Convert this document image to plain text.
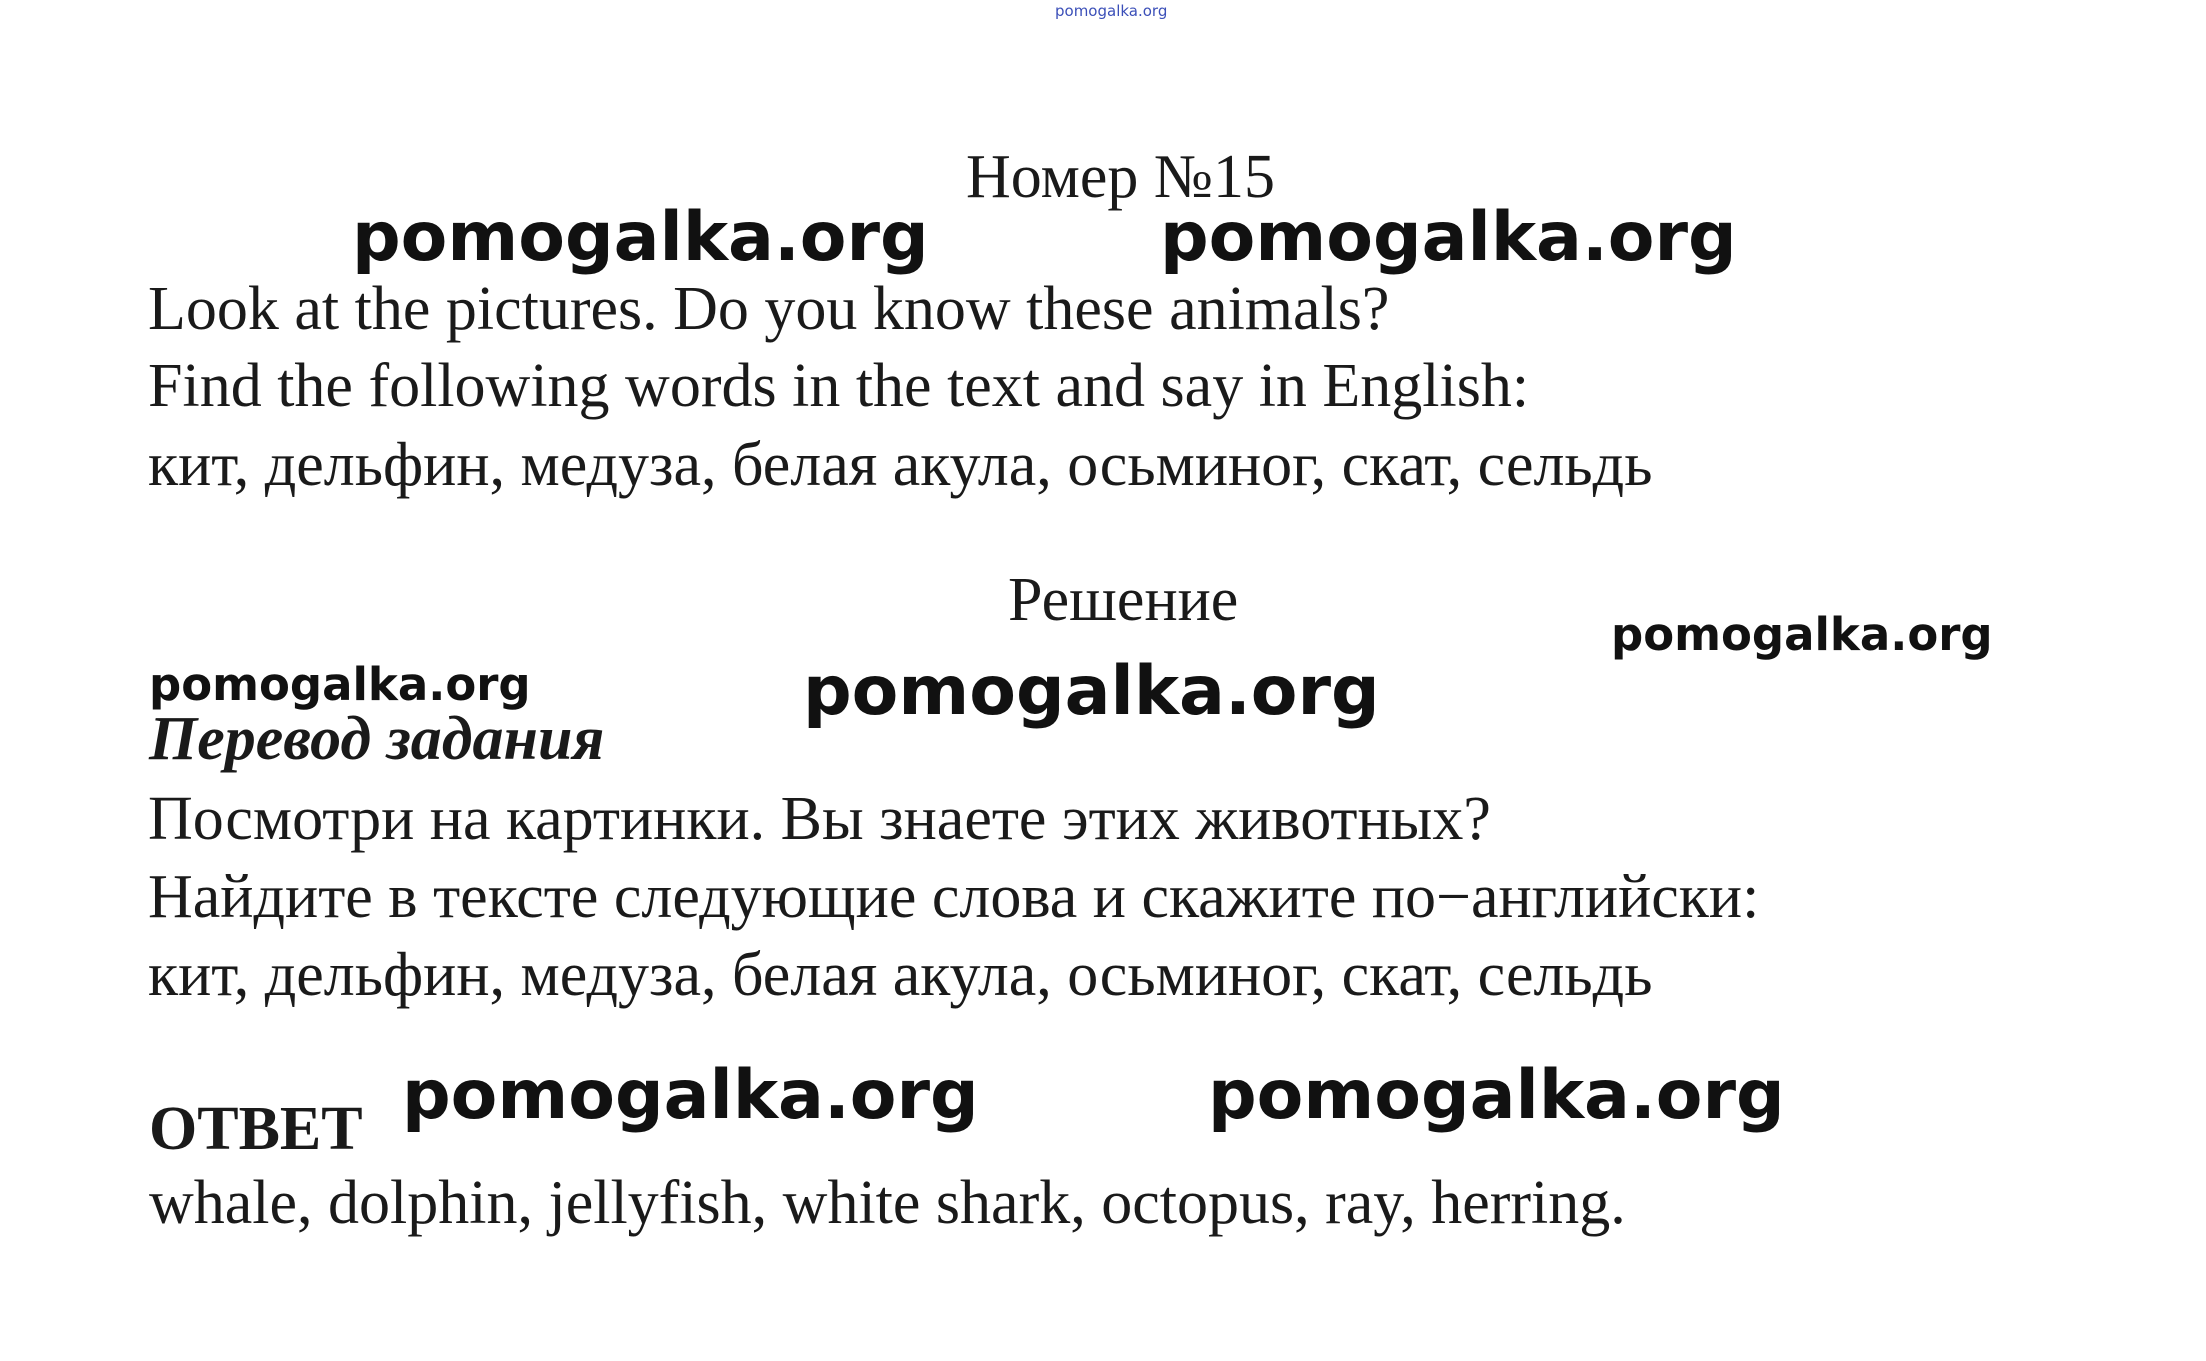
pomogalka.org
Номер №15
pomogalka.org	pomogalka.org
Look at the pictures. Do you know these animals?
Find the following words in the text and say in English:
кит, дельфин, медуза, белая акула, осьминог, скат, сельдь
Решение
pomogalka.org
pomogalka.org	pomogalka.org
Перевод задания
Посмотри на картинки. Вы знаете этих животных?
Найдите в тексте следующие слова и скажите по−английски:
кит, дельфин, медуза, белая акула, осьминог, скат, сельдь
ОТВЕТ pomogalka.org	pomogalka.org
whale, dolphin, jellyfish, white shark, octopus, ray, herring.
